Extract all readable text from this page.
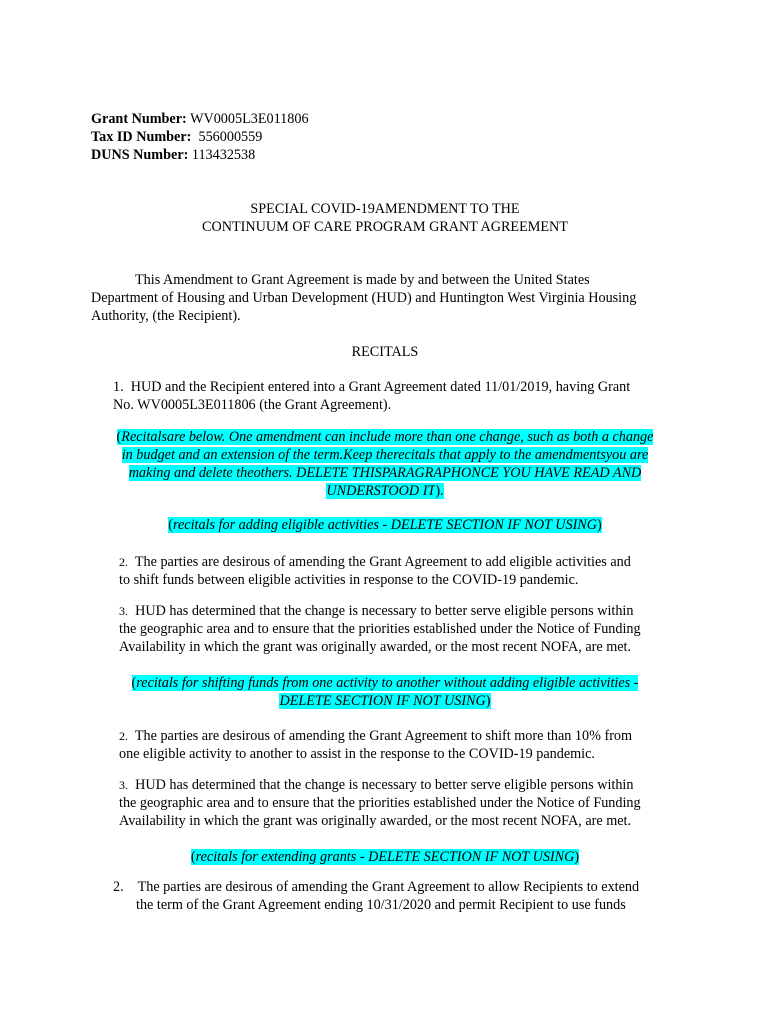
Grant Number: WV0005L3E011806
Tax ID Number: 556000559
DUNS Number: 113432538

SPECIAL COVID-19AMENDMENT TO THE

CONTINUUM OF CARE PROGRAM GRANT AGREEMENT

This Amendment to Grant Agreement is made by and between the United States

Department of Housing and Urban Development (HUD) and Huntington West Virginia Housing

Authority, (the Recipient).

RECITALS

1. HUD and the Recipient entered into a Grant Agreement dated 11/01/2019, having Grant

No. WV0005L3E011806 (the Grant Agreement).

(Recitalsare below. One amendment can include more than one change, such as both a change

in budget and an extension of the term.Keep therecitals that apply to the amendmentsyou are

making and delete theothers. DELETE THISPARAGRAPHONCE YOU HAVE READ AND

UNDERSTOOD IT).

(recitals for adding eligible activities - DELETE SECTION IF NOT USING)

2. The parties are desirous of amending the Grant Agreement to add eligible activities and

to shift funds between eligible activities in response to the COVID-19 pandemic.

3. HUD has determined that the change is necessary to better serve eligible persons within

the geographic area and to ensure that the priorities established under the Notice of Funding

Availability in which the grant was originally awarded, or the most recent NOFA, are met.

(recitals for shifting funds from one activity to another without adding eligible activities -

DELETE SECTION IF NOT USING)

2. The parties are desirous of amending the Grant Agreement to shift more than 10% from

one eligible activity to another to assist in the response to the COVID-19 pandemic.

3. HUD has determined that the change is necessary to better serve eligible persons within

the geographic area and to ensure that the priorities established under the Notice of Funding

Availability in which the grant was originally awarded, or the most recent NOFA, are met.

(recitals for extending grants - DELETE SECTION IF NOT USING)

2. The parties are desirous of amending the Grant Agreement to allow Recipients to extend

the term of the Grant Agreement ending 10/31/2020 and permit Recipient to use funds
